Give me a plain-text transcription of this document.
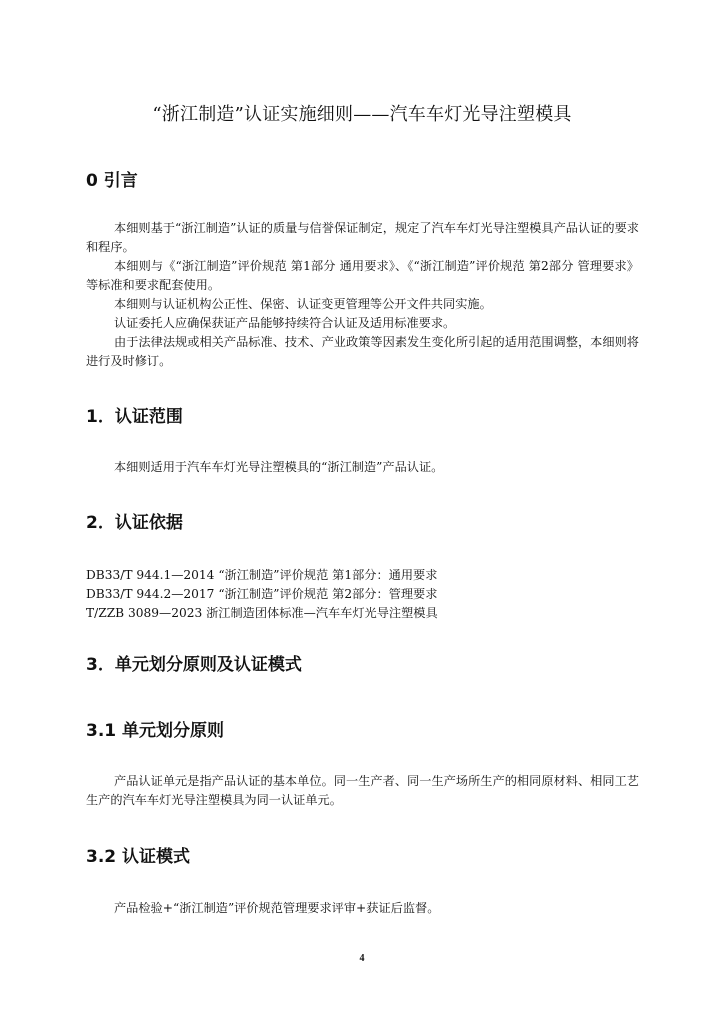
“浙江制造”认证实施细则——汽车车灯光导注塑模具
0 引言

本细则基于“浙江制造”认证的质量与信誉保证制定，规定了汽车车灯光导注塑模具产品认证的要求和程序。

本细则与《“浙江制造”评价规范 第1部分 通用要求》、《“浙江制造”评价规范 第2部分 管理要求》等标准和要求配套使用。

本细则与认证机构公正性、保密、认证变更管理等公开文件共同实施。

认证委托人应确保获证产品能够持续符合认证及适用标准要求。

由于法律法规或相关产品标准、技术、产业政策等因素发生变化所引起的适用范围调整，本细则将进行及时修订。

1．认证范围

本细则适用于汽车车灯光导注塑模具的“浙江制造”产品认证。

2．认证依据
DB33/T 944.1—2014 “浙江制造”评价规范 第1部分：通用要求
DB33/T 944.2—2017 “浙江制造”评价规范 第2部分：管理要求
T/ZZB 3089—2023 浙江制造团体标准—汽车车灯光导注塑模具
3．单元划分原则及认证模式
3.1 单元划分原则

产品认证单元是指产品认证的基本单位。同一生产者、同一生产场所生产的相同原材料、相同工艺生产的汽车车灯光导注塑模具为同一认证单元。

3.2 认证模式

产品检验+“浙江制造”评价规范管理要求评审+获证后监督。

4
